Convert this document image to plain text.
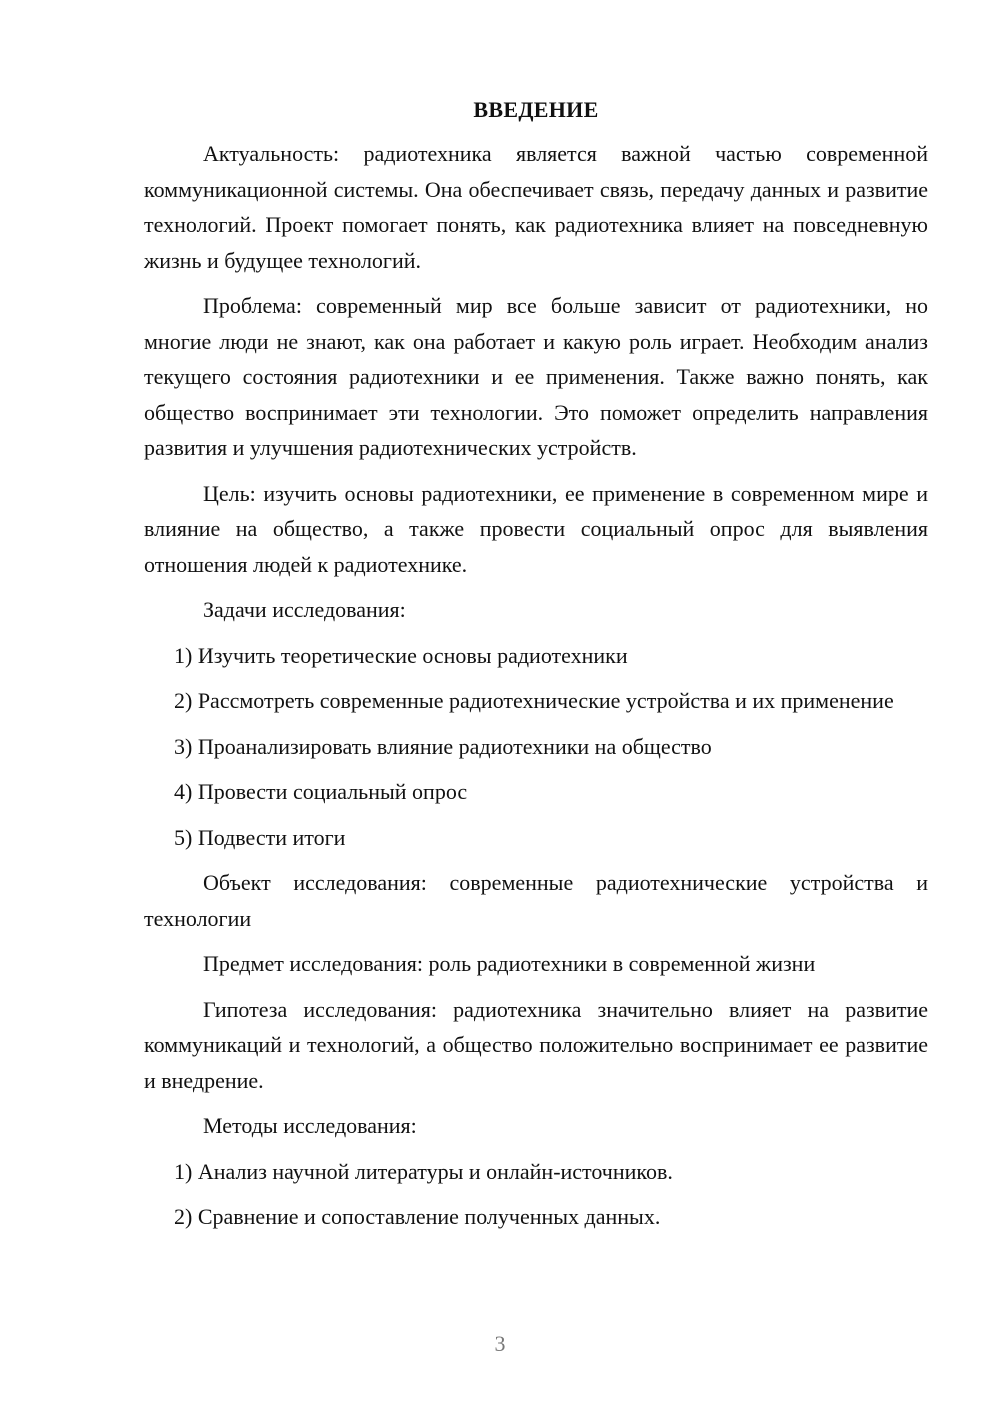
ВВЕДЕНИЕ

Актуальность: радиотехника является важной частью современной коммуникационной системы. Она обеспечивает связь, передачу данных и развитие технологий. Проект помогает понять, как радиотехника влияет на повседневную жизнь и будущее технологий.

Проблема: современный мир все больше зависит от радиотехники, но многие люди не знают, как она работает и какую роль играет. Необходим анализ текущего состояния радиотехники и ее применения. Также важно понять, как общество воспринимает эти технологии. Это поможет определить направления развития и улучшения радиотехнических устройств.

Цель: изучить основы радиотехники, ее применение в современном мире и влияние на общество, а также провести социальный опрос для выявления отношения людей к радиотехнике.

Задачи исследования:

1) Изучить теоретические основы радиотехники

2) Рассмотреть современные радиотехнические устройства и их применение

3) Проанализировать влияние радиотехники на общество

4) Провести социальный опрос

5) Подвести итоги

Объект исследования: современные радиотехнические устройства и технологии

Предмет исследования: роль радиотехники в современной жизни

Гипотеза исследования: радиотехника значительно влияет на развитие коммуникаций и технологий, а общество положительно воспринимает ее развитие и внедрение.

Методы исследования:

1) Анализ научной литературы и онлайн-источников.

2) Сравнение и сопоставление полученных данных.

3
